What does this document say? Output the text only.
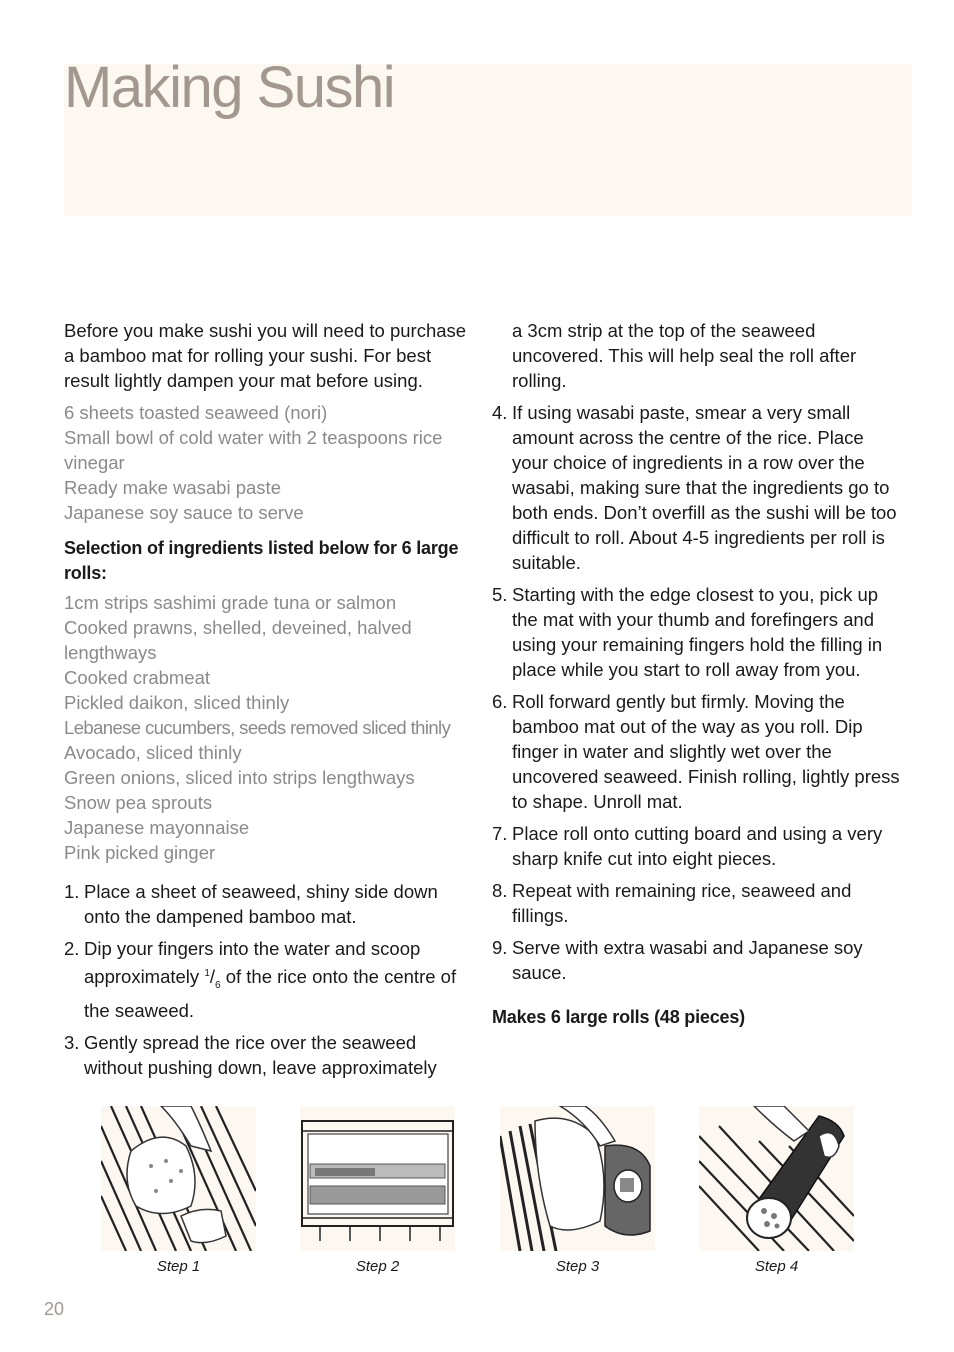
Making Sushi

Before you make sushi you will need to purchase a bamboo mat for rolling your sushi. For best result lightly dampen your mat before using.

6 sheets toasted seaweed (nori)
Small bowl of cold water with 2 teaspoons rice vinegar
Ready make wasabi paste
Japanese soy sauce to serve

Selection of ingredients listed below for 6 large rolls:

1cm strips sashimi grade tuna or salmon
Cooked prawns, shelled, deveined, halved lengthways
Cooked crabmeat
Pickled daikon, sliced thinly
Lebanese cucumbers, seeds removed sliced thinly
Avocado, sliced thinly
Green onions, sliced into strips lengthways
Snow pea sprouts
Japanese mayonnaise
Pink picked ginger
1. Place a sheet of seaweed, shiny side down onto the dampened bamboo mat.
2. Dip your fingers into the water and scoop approximately $^1/_6$ of the rice onto the centre of the seaweed.
3. Gently spread the rice over the seaweed without pushing down, leave approximately

a 3cm strip at the top of the seaweed uncovered. This will help seal the roll after rolling.

4. If using wasabi paste, smear a very small amount across the centre of the rice. Place your choice of ingredients in a row over the wasabi, making sure that the ingredients go to both ends. Don’t overfill as the sushi will be too difficult to roll. About 4-5 ingredients per roll is suitable.
5. Starting with the edge closest to you, pick up the mat with your thumb and forefingers and using your remaining fingers hold the filling in place while you start to roll away from you.
6. Roll forward gently but firmly. Moving the bamboo mat out of the way as you roll. Dip finger in water and slightly wet over the uncovered seaweed. Finish rolling, lightly press to shape. Unroll mat.
7. Place roll onto cutting board and using a very sharp knife cut into eight pieces.
8. Repeat with remaining rice, seaweed and fillings.
9. Serve with extra wasabi and Japanese soy sauce.

Makes 6 large rolls (48 pieces)

Step 1	Step 2	Step 3	Step 4
20
